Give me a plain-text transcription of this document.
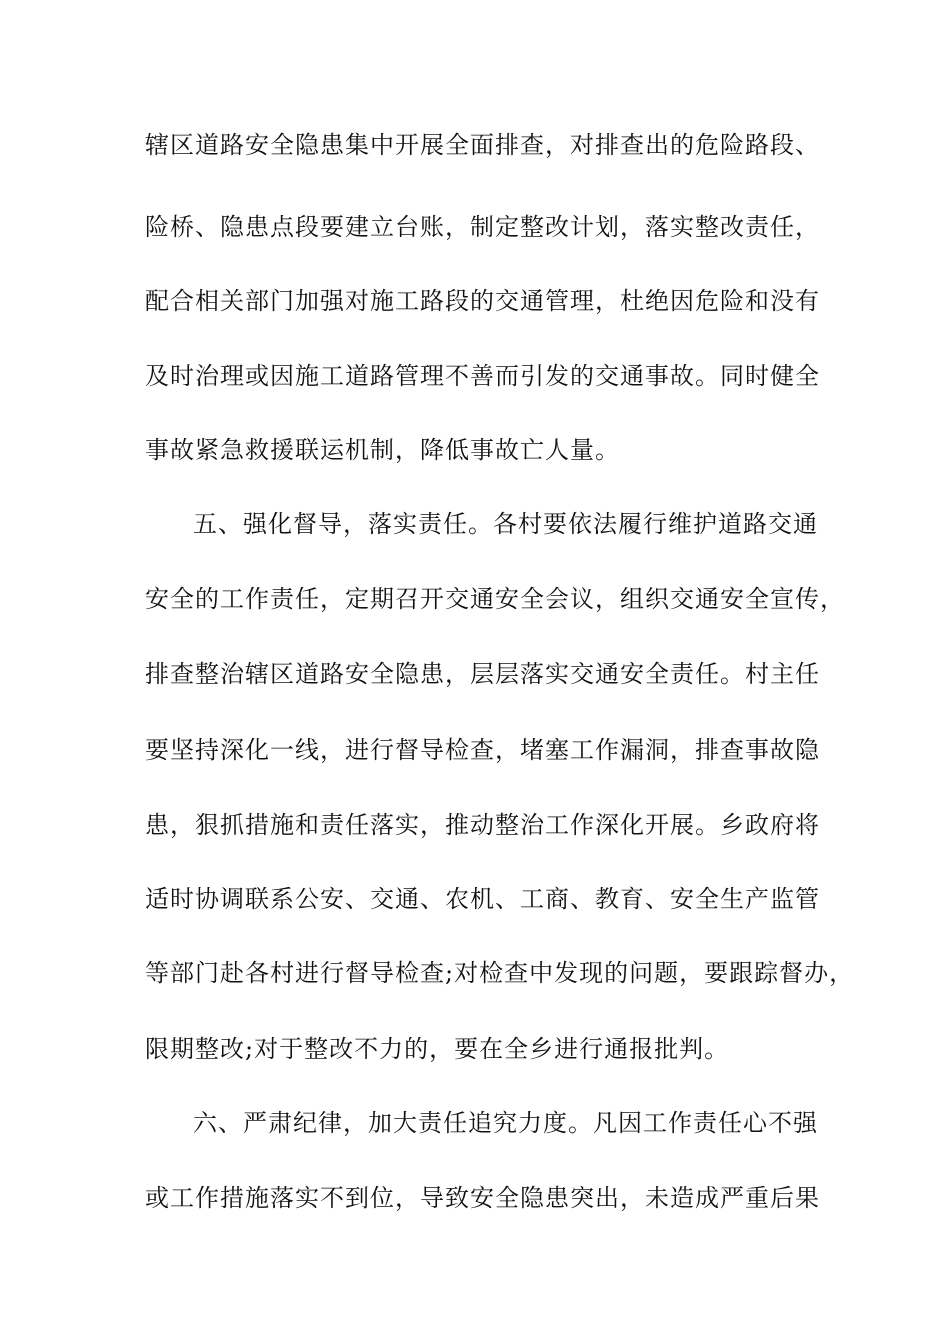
辖区道路安全隐患集中开展全面排查，对排查出的危险路段、

险桥、隐患点段要建立台账，制定整改计划，落实整改责任，

配合相关部门加强对施工路段的交通管理，杜绝因危险和没有

及时治理或因施工道路管理不善而引发的交通事故。同时健全

事故紧急救援联运机制，降低事故亡人量。

五、强化督导，落实责任。各村要依法履行维护道路交通

安全的工作责任，定期召开交通安全会议，组织交通安全宣传，

排查整治辖区道路安全隐患，层层落实交通安全责任。村主任

要坚持深化一线，进行督导检查，堵塞工作漏洞，排查事故隐

患，狠抓措施和责任落实，推动整治工作深化开展。乡政府将

适时协调联系公安、交通、农机、工商、教育、安全生产监管

等部门赴各村进行督导检查;对检查中发现的问题，要跟踪督办，

限期整改;对于整改不力的，要在全乡进行通报批判。

六、严肃纪律，加大责任追究力度。凡因工作责任心不强

或工作措施落实不到位，导致安全隐患突出，未造成严重后果
